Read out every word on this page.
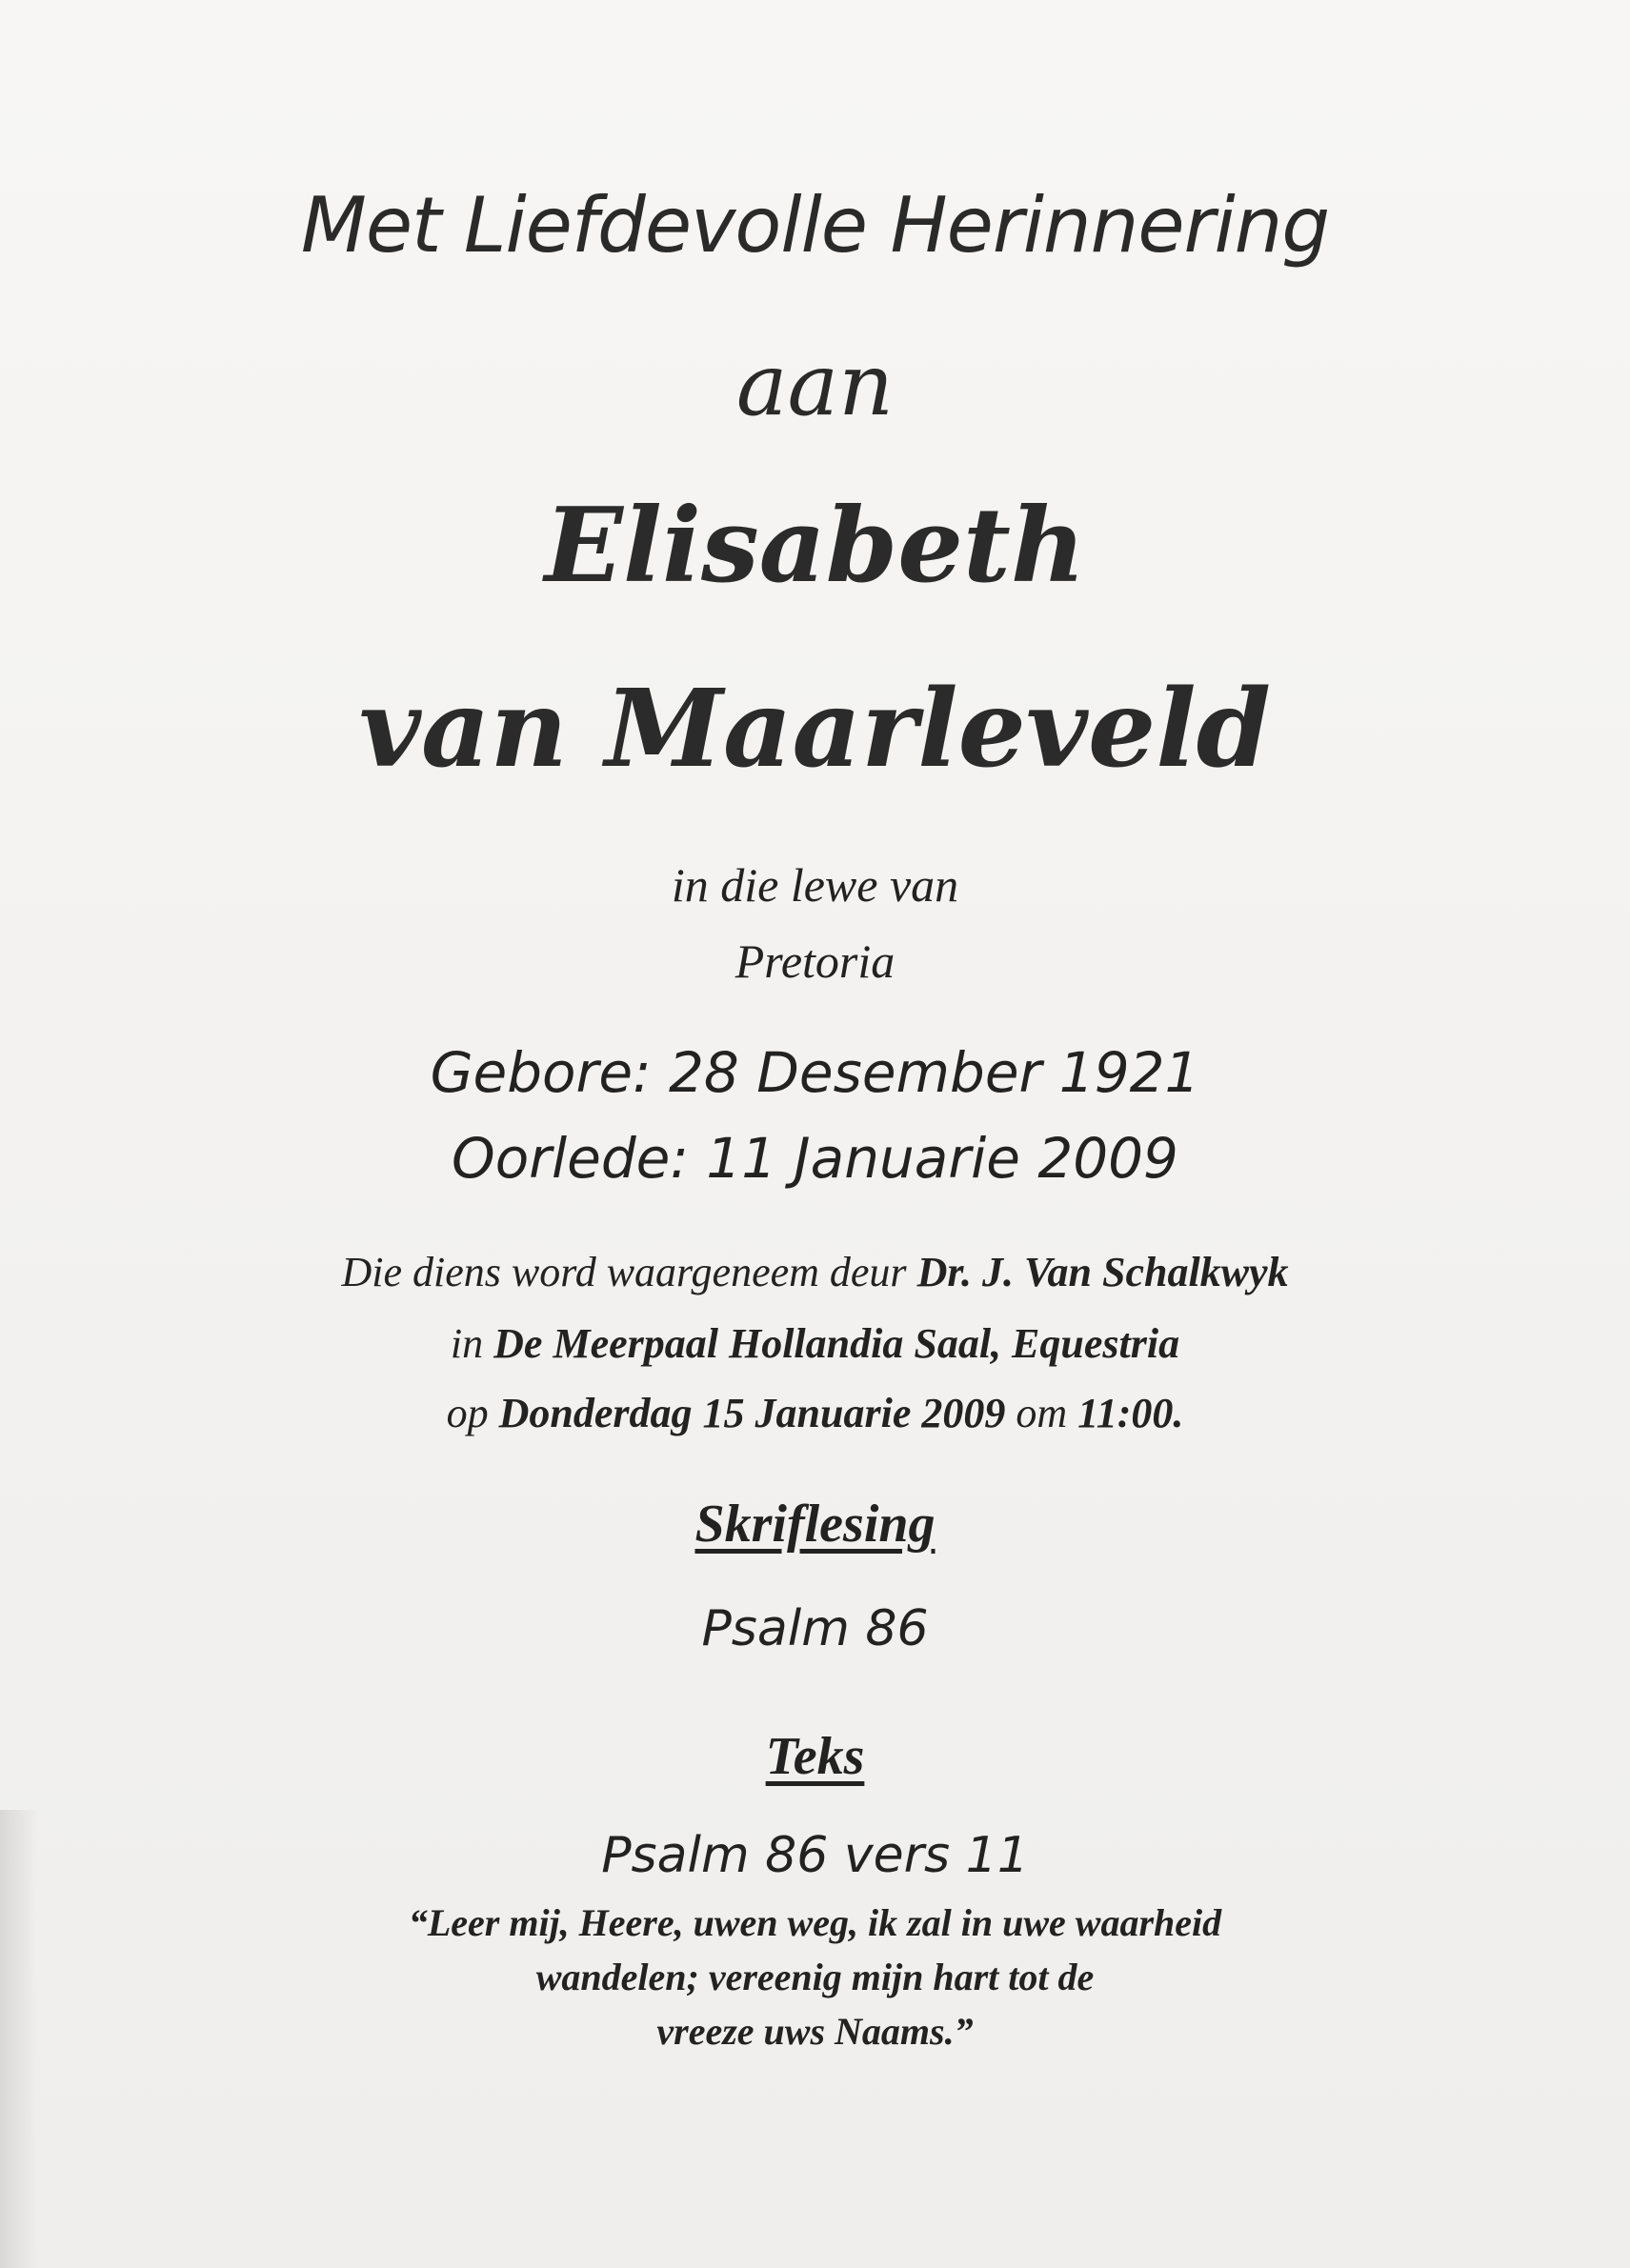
Met Liefdevolle Herinnering
aan
Elisabeth
van Maarleveld
in die lewe van
Pretoria
Gebore: 28 Desember 1921
Oorlede: 11 Januarie 2009
Die diens word waargeneem deur Dr. J. Van Schalkwyk
in De Meerpaal Hollandia Saal, Equestria
op Donderdag 15 Januarie 2009 om 11:00.
Skriflesing
Psalm 86
Teks
Psalm 86 vers 11
“Leer mij, Heere, uwen weg, ik zal in uwe waarheid
wandelen; vereenig mijn hart tot de
vreeze uws Naams.”
